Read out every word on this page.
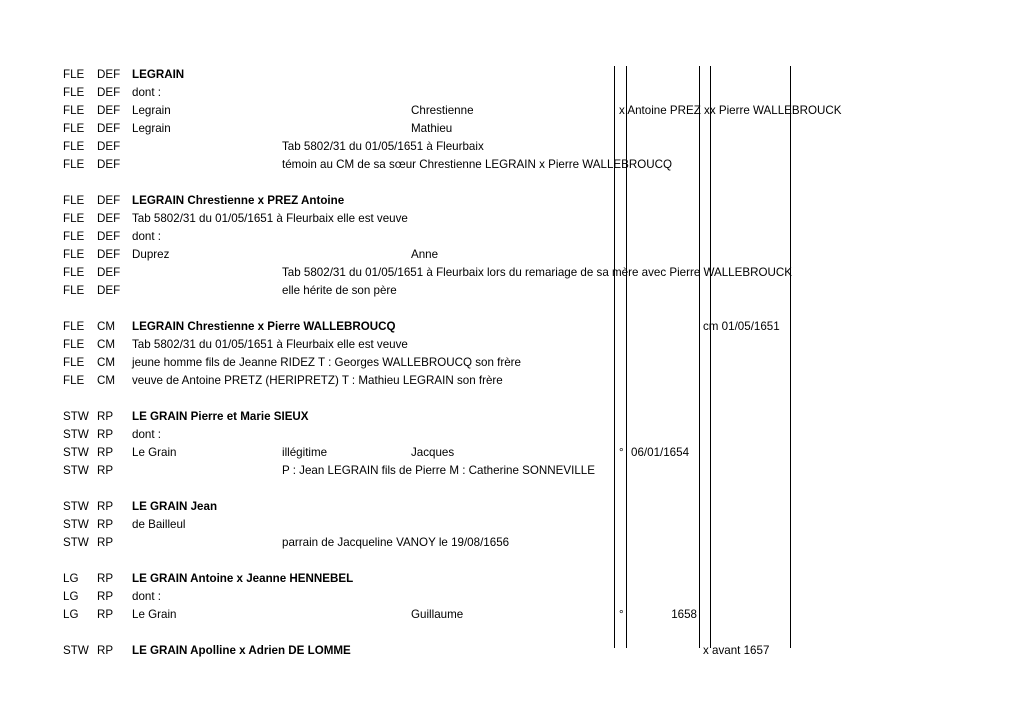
FLE DEF LEGRAIN
FLE DEF dont :
FLE DEF Legrain	Chrestienne	x Antoine PREZ xx Pierre WALLEBROUCK
FLE DEF Legrain	Mathieu
FLE DEF	Tab 5802/31 du 01/05/1651 à Fleurbaix
FLE DEF	témoin au CM de sa sœur Chrestienne LEGRAIN x Pierre WALLEBROUCQ
FLE DEF LEGRAIN Chrestienne x PREZ Antoine
FLE DEF Tab 5802/31 du 01/05/1651 à Fleurbaix elle est veuve
FLE DEF dont :
FLE DEF Duprez	Anne
FLE DEF	Tab 5802/31 du 01/05/1651 à Fleurbaix lors du remariage de sa mère avec Pierre WALLEBROUCK
FLE DEF	elle hérite de son père
FLE CM LEGRAIN Chrestienne x Pierre WALLEBROUCQ	cm 01/05/1651
FLE CM Tab 5802/31 du 01/05/1651 à Fleurbaix elle est veuve
FLE CM jeune homme fils de Jeanne RIDEZ T : Georges WALLEBROUCQ son frère
FLE CM veuve de Antoine PRETZ (HERIPRETZ) T : Mathieu LEGRAIN son frère
STW RP LE GRAIN Pierre et Marie SIEUX
STW RP dont :
STW RP Le Grain	illégitime	Jacques	° 06/01/1654
STW RP	P : Jean LEGRAIN fils de Pierre M : Catherine SONNEVILLE
STW RP LE GRAIN Jean
STW RP de Bailleul
STW RP	parrain de Jacqueline VANOY le 19/08/1656
LG RP LE GRAIN Antoine x Jeanne HENNEBEL
LG RP dont :
LG RP Le Grain	Guillaume	°	1658
STW RP LE GRAIN Apolline x Adrien DE LOMME	x avant 1657
